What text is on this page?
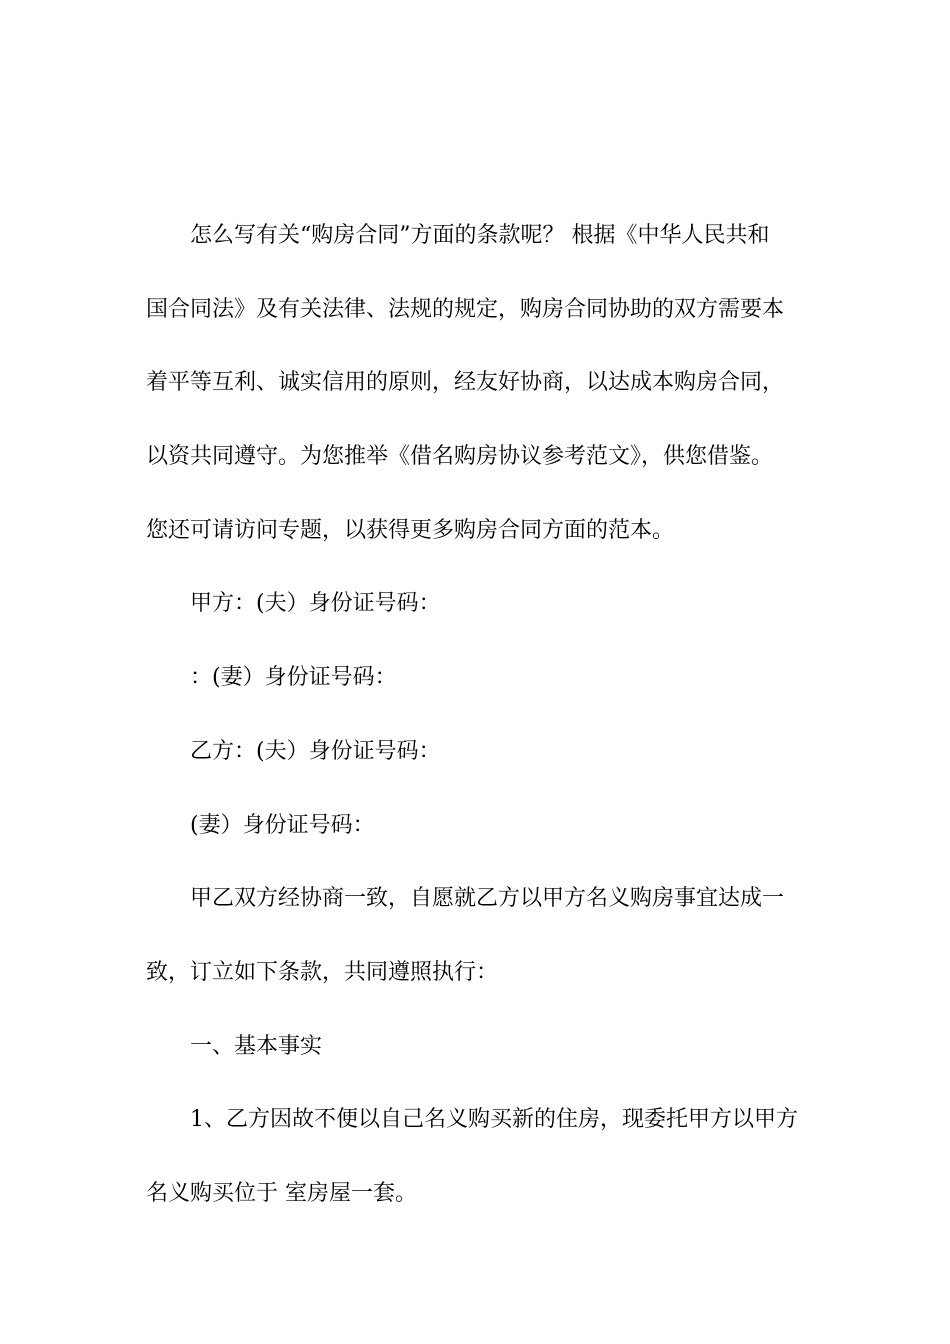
怎么写有关“购房合同”方面的条款呢？ 根据《中华人民共和
国合同法》及有关法律、法规的规定，购房合同协助的双方需要本
着平等互利、诚实信用的原则，经友好协商，以达成本购房合同，
以资共同遵守。为您推举《借名购房协议参考范文》，供您借鉴。
您还可请访问专题，以获得更多购房合同方面的范本。
甲方：(夫）身份证号码：
：(妻）身份证号码：
乙方：(夫）身份证号码：
(妻）身份证号码：
甲乙双方经协商一致，自愿就乙方以甲方名义购房事宜达成一
致，订立如下条款，共同遵照执行：
一、基本事实
1、乙方因故不便以自己名义购买新的住房，现委托甲方以甲方
名义购买位于 室房屋一套。
